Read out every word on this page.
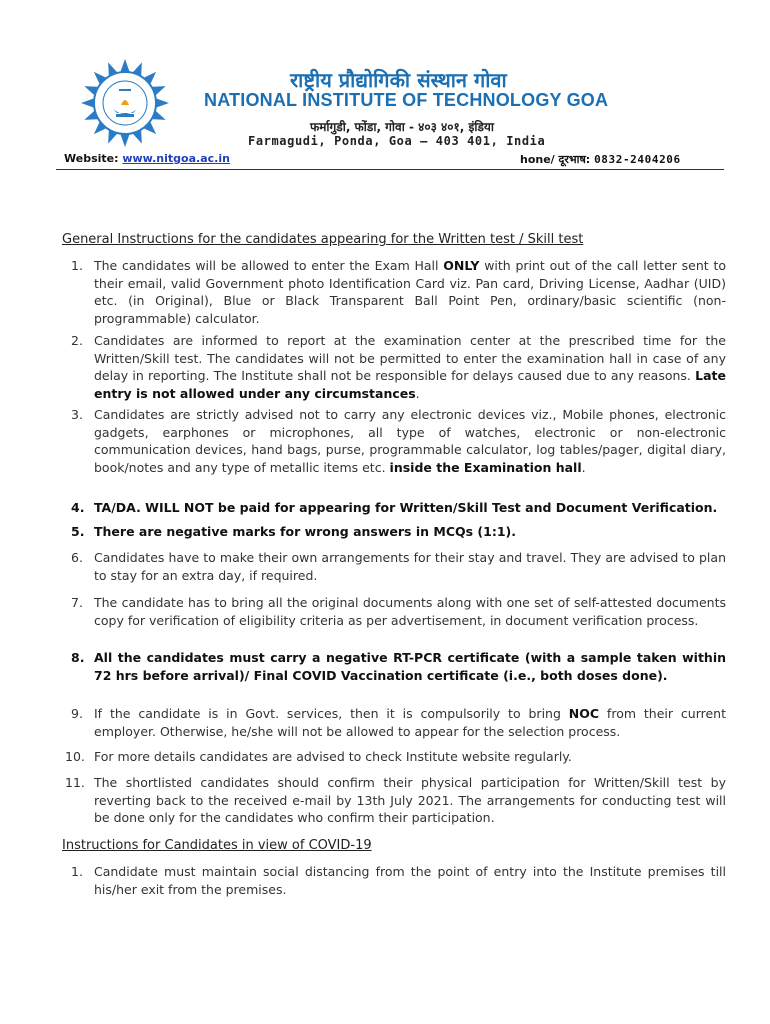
राष्ट्रीय प्रौद्योगिकी संस्थान गोवा
NATIONAL INSTITUTE OF TECHNOLOGY GOA
फर्मागुडी, फोंडा, गोवा - ४०३ ४०१, इंडिया
Farmagudi, Ponda, Goa – 403 401, India
Website: www.nitgoa.ac.in	hone/ दूरभाष: 0832-2404206
General Instructions for the candidates appearing for the Written test / Skill test
1. The candidates will be allowed to enter the Exam Hall ONLY with print out of the call letter sent to their email, valid Government photo Identification Card viz. Pan card, Driving License, Aadhar (UID) etc. (in Original), Blue or Black Transparent Ball Point Pen, ordinary/basic scientific (non-programmable) calculator.
2. Candidates are informed to report at the examination center at the prescribed time for the Written/Skill test. The candidates will not be permitted to enter the examination hall in case of any delay in reporting. The Institute shall not be responsible for delays caused due to any reasons. Late entry is not allowed under any circumstances.
3. Candidates are strictly advised not to carry any electronic devices viz., Mobile phones, electronic gadgets, earphones or microphones, all type of watches, electronic or non-electronic communication devices, hand bags, purse, programmable calculator, log tables/pager, digital diary, book/notes and any type of metallic items etc. inside the Examination hall.
4. TA/DA. WILL NOT be paid for appearing for Written/Skill Test and Document Verification.
5. There are negative marks for wrong answers in MCQs (1:1).
6. Candidates have to make their own arrangements for their stay and travel. They are advised to plan to stay for an extra day, if required.
7. The candidate has to bring all the original documents along with one set of self-attested documents copy for verification of eligibility criteria as per advertisement, in document verification process.
8. All the candidates must carry a negative RT-PCR certificate (with a sample taken within 72 hrs before arrival)/ Final COVID Vaccination certificate (i.e., both doses done).
9. If the candidate is in Govt. services, then it is compulsorily to bring NOC from their current employer. Otherwise, he/she will not be allowed to appear for the selection process.
10. For more details candidates are advised to check Institute website regularly.
11. The shortlisted candidates should confirm their physical participation for Written/Skill test by reverting back to the received e-mail by 13th July 2021. The arrangements for conducting test will be done only for the candidates who confirm their participation.
Instructions for Candidates in view of COVID-19
1. Candidate must maintain social distancing from the point of entry into the Institute premises till his/her exit from the premises.
